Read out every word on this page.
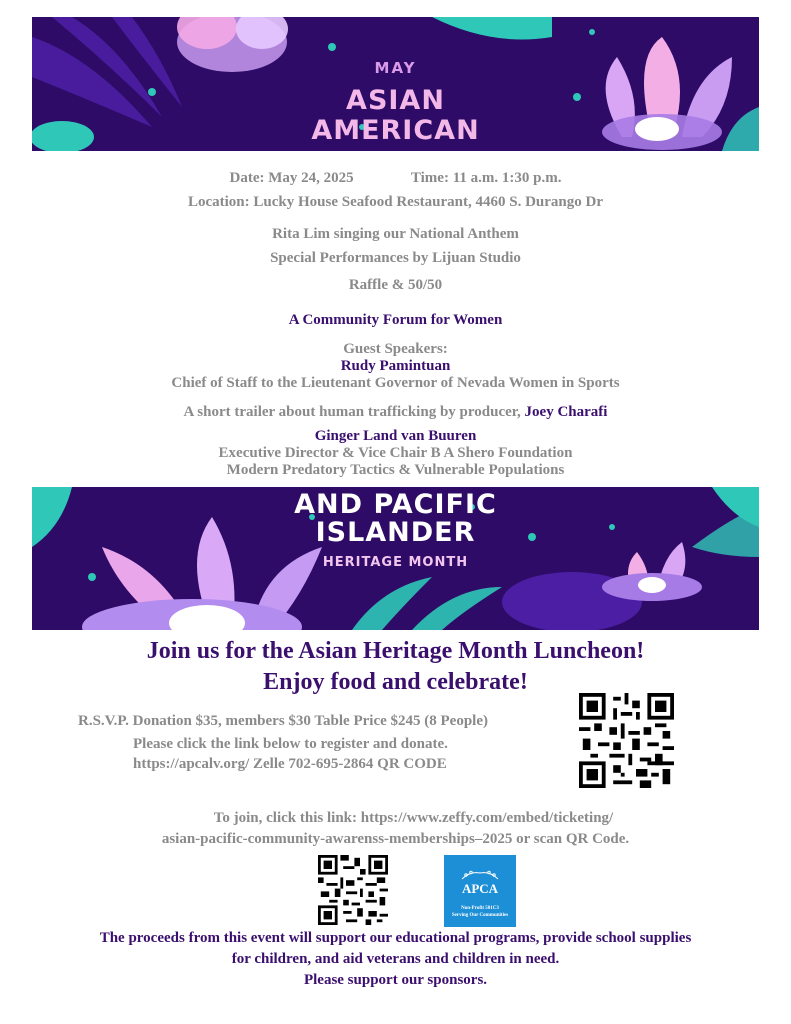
MAY
ASIAN
AMERICAN
Date: May 24, 2025	Time: 11 a.m. 1:30 p.m.
Location: Lucky House Seafood Restaurant, 4460 S. Durango Dr
Rita Lim singing our National Anthem
Special Performances by Lijuan Studio
Raffle & 50/50
A Community Forum for Women
Guest Speakers:
Rudy Pamintuan
Chief of Staff to the Lieutenant Governor of Nevada Women in Sports
A short trailer about human trafficking by producer, Joey Charafi
Ginger Land van Buuren
Executive Director & Vice Chair B A Shero Foundation
Modern Predatory Tactics & Vulnerable Populations
AND PACIFIC
ISLANDER
HERITAGE MONTH
Join us for the Asian Heritage Month Luncheon!
Enjoy food and celebrate!
R.S.V.P. Donation $35, members $30 Table Price $245 (8 People)
Please click the link below to register and donate.
https://apcalv.org/ Zelle 702-695-2864 QR CODE
To join, click this link: https://www.zeffy.com/embed/ticketing/
asian-pacific-community-awarenss-memberships–2025 or scan QR Code.
APCA
Non-Profit 501C3
Serving Our Communities
The proceeds from this event will support our educational programs, provide school supplies
for children, and aid veterans and children in need.
Please support our sponsors.
